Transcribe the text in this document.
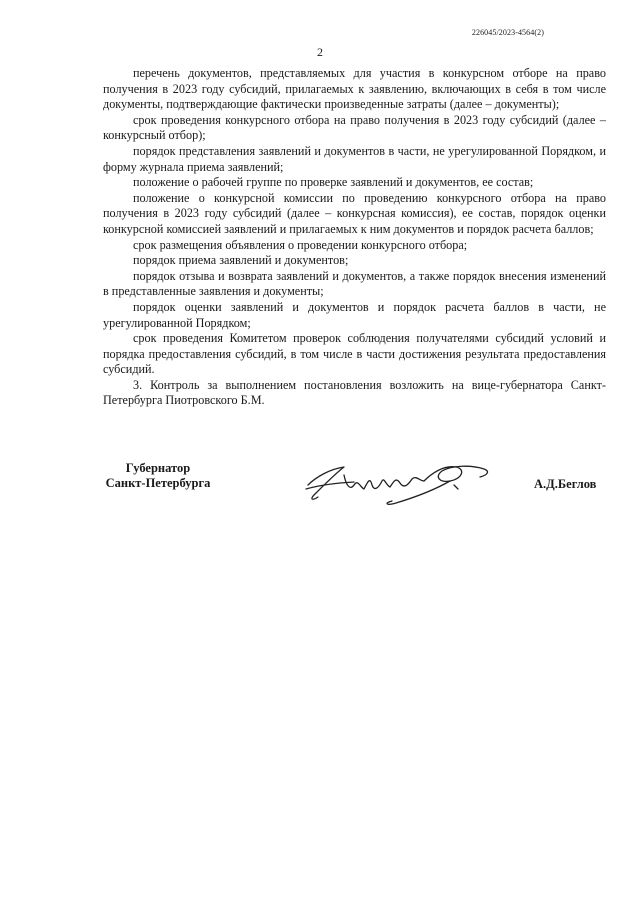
226045/2023-4564(2)
2

перечень документов, представляемых для участия в конкурсном отборе на право получения в 2023 году субсидий, прилагаемых к заявлению, включающих в себя в том числе документы, подтверждающие фактически произведенные затраты (далее – документы);

срок проведения конкурсного отбора на право получения в 2023 году субсидий (далее – конкурсный отбор);

порядок представления заявлений и документов в части, не урегулированной Порядком, и форму журнала приема заявлений;

положение о рабочей группе по проверке заявлений и документов, ее состав;

положение о конкурсной комиссии по проведению конкурсного отбора на право получения в 2023 году субсидий (далее – конкурсная комиссия), ее состав, порядок оценки конкурсной комиссией заявлений и прилагаемых к ним документов и порядок расчета баллов;

срок размещения объявления о проведении конкурсного отбора;

порядок приема заявлений и документов;

порядок отзыва и возврата заявлений и документов, а также порядок внесения изменений в представленные заявления и документы;

порядок оценки заявлений и документов и порядок расчета баллов в части, не урегулированной Порядком;

срок проведения Комитетом проверок соблюдения получателями субсидий условий и порядка предоставления субсидий, в том числе в части достижения результата предоставления субсидий.

3. Контроль за выполнением постановления возложить на вице-губернатора Санкт-Петербурга Пиотровского Б.М.

Губернатор
Санкт-Петербурга	А.Д.Беглов
